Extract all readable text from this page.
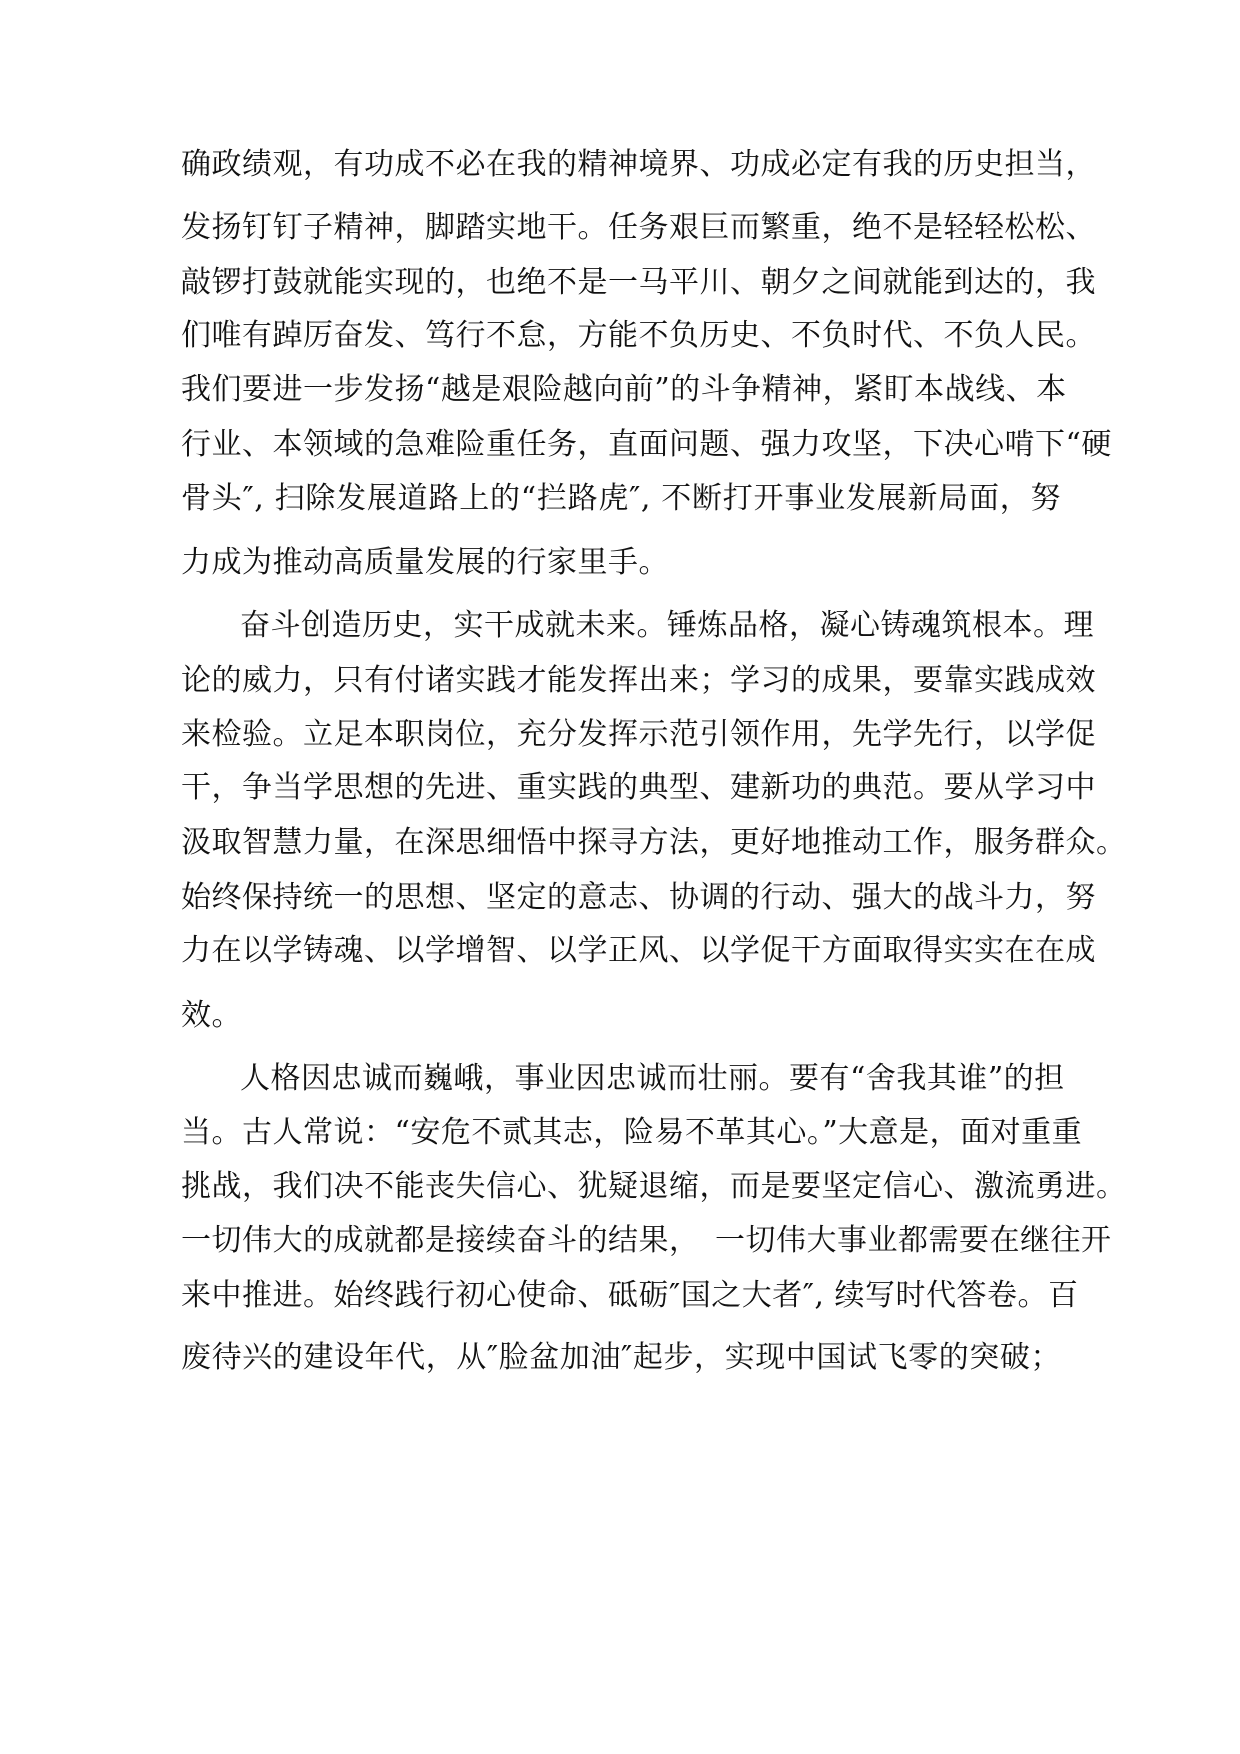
确政绩观，有功成不必在我的精神境界、功成必定有我的历史担当，
发扬钉钉子精神，脚踏实地干。任务艰巨而繁重，绝不是轻轻松松、
敲锣打鼓就能实现的，也绝不是一马平川、朝夕之间就能到达的，我
们唯有踔厉奋发、笃行不怠，方能不负历史、不负时代、不负人民。
我们要进一步发扬“越是艰险越向前”的斗争精神，紧盯本战线、本
行业、本领域的急难险重任务，直面问题、强力攻坚，下决心啃下“硬
骨头″, 扫除发展道路上的“拦路虎″, 不断打开事业发展新局面，努
力成为推动高质量发展的行家里手。
奋斗创造历史，实干成就未来。锤炼品格，凝心铸魂筑根本。理
论的威力，只有付诸实践才能发挥出来；学习的成果，要靠实践成效
来检验。立足本职岗位，充分发挥示范引领作用，先学先行，以学促
干，争当学思想的先进、重实践的典型、建新功的典范。要从学习中
汲取智慧力量，在深思细悟中探寻方法，更好地推动工作，服务群众。
始终保持统一的思想、坚定的意志、协调的行动、强大的战斗力，努
力在以学铸魂、以学增智、以学正风、以学促干方面取得实实在在成
效。
人格因忠诚而巍峨，事业因忠诚而壮丽。要有“舍我其谁”的担
当。古人常说：“安危不贰其志，险易不革其心。”大意是，面对重重
挑战，我们决不能丧失信心、犹疑退缩，而是要坚定信心、激流勇进。
一切伟大的成就都是接续奋斗的结果，　一切伟大事业都需要在继往开
来中推进。始终践行初心使命、砥砺″国之大者″, 续写时代答卷。百
废待兴的建设年代，从″脸盆加油″起步，实现中国试飞零的突破；
